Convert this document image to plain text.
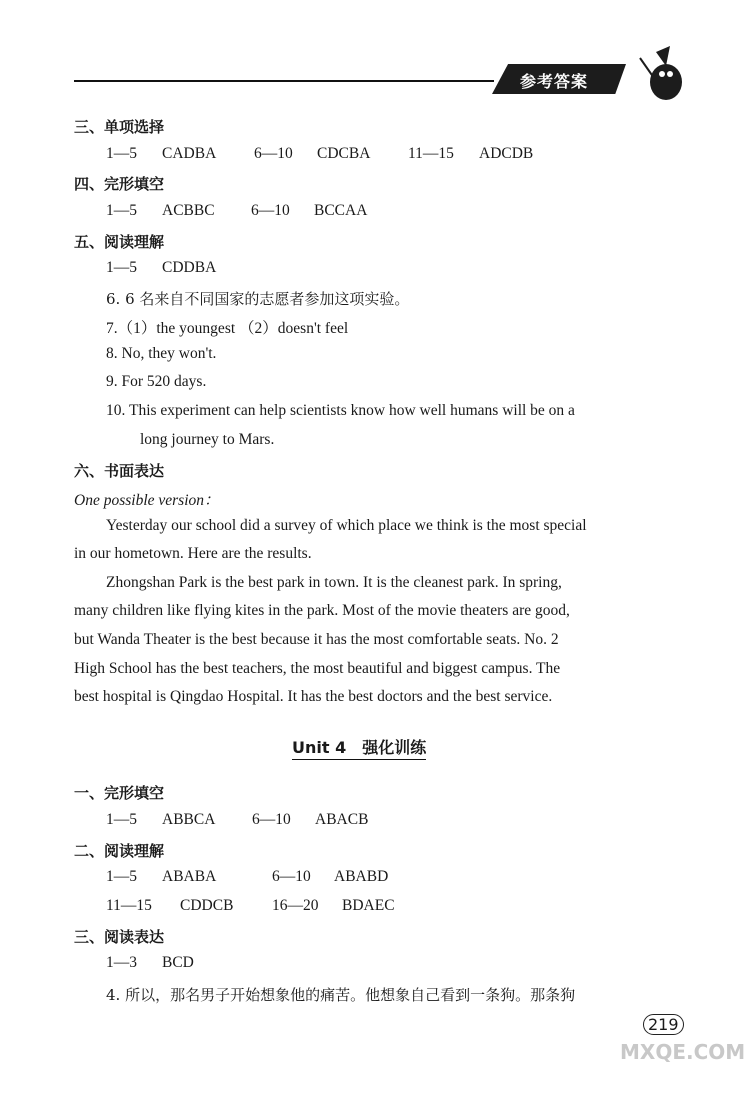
参考答案
三、单项选择
1—5 CADBA 6—10 CDCBA 11—15 ADCDB
四、完形填空
1—5 ACBBC 6—10 BCCAA
五、阅读理解
1—5 CDDBA
6. 6 名来自不同国家的志愿者参加这项实验。
7.（1）the youngest （2）doesn't feel
8. No, they won't.
9. For 520 days.
10. This experiment can help scientists know how well humans will be on a
long journey to Mars.
六、书面表达
One possible version：
Yesterday our school did a survey of which place we think is the most special
in our hometown. Here are the results.
Zhongshan Park is the best park in town. It is the cleanest park. In spring,
many children like flying kites in the park. Most of the movie theaters are good,
but Wanda Theater is the best because it has the most comfortable seats. No. 2
High School has the best teachers, the most beautiful and biggest campus. The
best hospital is Qingdao Hospital. It has the best doctors and the best service.
Unit 4 强化训练
一、完形填空
1—5 ABBCA 6—10 ABACB
二、阅读理解
1—5 ABABA	6—10 ABABD
11—15 CDDCB 16—20 BDAEC
三、阅读表达
1—3 BCD
4. 所以，那名男子开始想象他的痛苦。他想象自己看到一条狗。那条狗
219
MXQE.COM
